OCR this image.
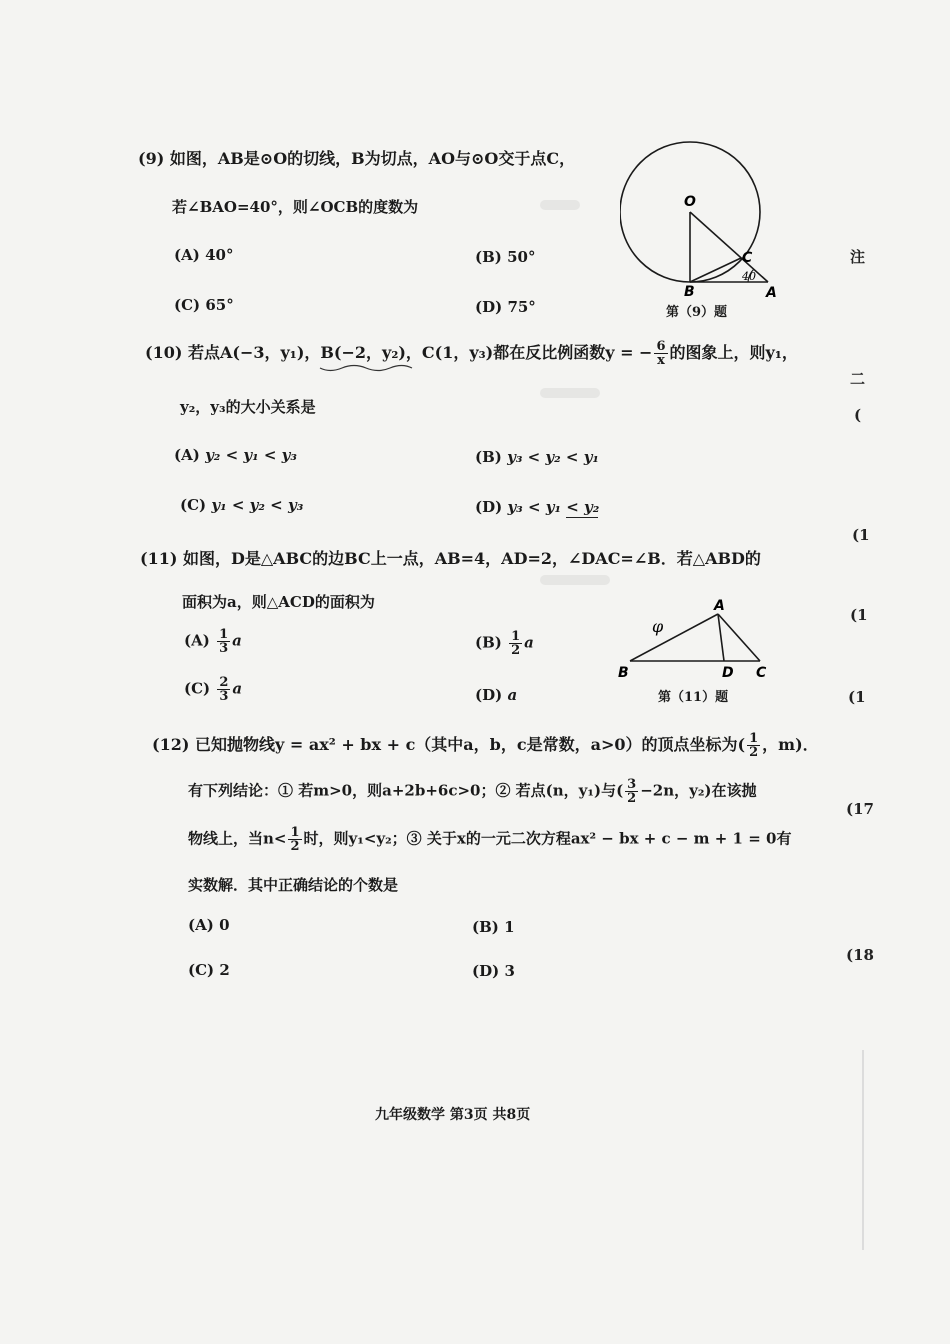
(9) 如图，AB是⊙O的切线，B为切点，AO与⊙O交于点C，
若∠BAO=40°，则∠OCB的度数为
(A) 40°	(B) 50°
(C) 65°	(D) 75°
O
C
B	A
40
第（9）题
(10) 若点A(−3，y₁)，B(−2，y₂)，C(1，y₃)都在反比例函数y = − $\frac{6}{x}$ 的图象上，则y₁，
y₂，y₃的大小关系是
(A) y₂ < y₁ < y₃	(B) y₃ < y₂ < y₁
(C) y₁ < y₂ < y₃	(D) y₃ < y₁ < y₂
(11) 如图，D是△ABC的边BC上一点，AB=4，AD=2，∠DAC=∠B．若△ABD的
面积为a，则△ACD的面积为
$(A) \frac{1}{3}$ a	$(B) \frac{1}{2}$ a
$(C) \frac{2}{3}$ a	(D) a
A
B	D C
φ
第（11）题
(12) 已知抛物线y = ax² + bx + c（其中a，b，c是常数，a>0）的顶点坐标为( $\frac{1}{2}$ ，m)．
有下列结论：① 若m>0，则a+2b+6c>0；② 若点(n，y₁)与( $\frac{3}{2} -2n$，y₂)在该抛
物线上，当$n< \frac{1}{2}$ 时，则y₁<y₂；③ 关于x的一元二次方程ax² − bx + c − m + 1 = 0有
实数解．其中正确结论的个数是
(A) 0	(B) 1
(C) 2	(D) 3
九年级数学 第3页 共8页
注
二
(
(1
(1
(1
(17
(18
